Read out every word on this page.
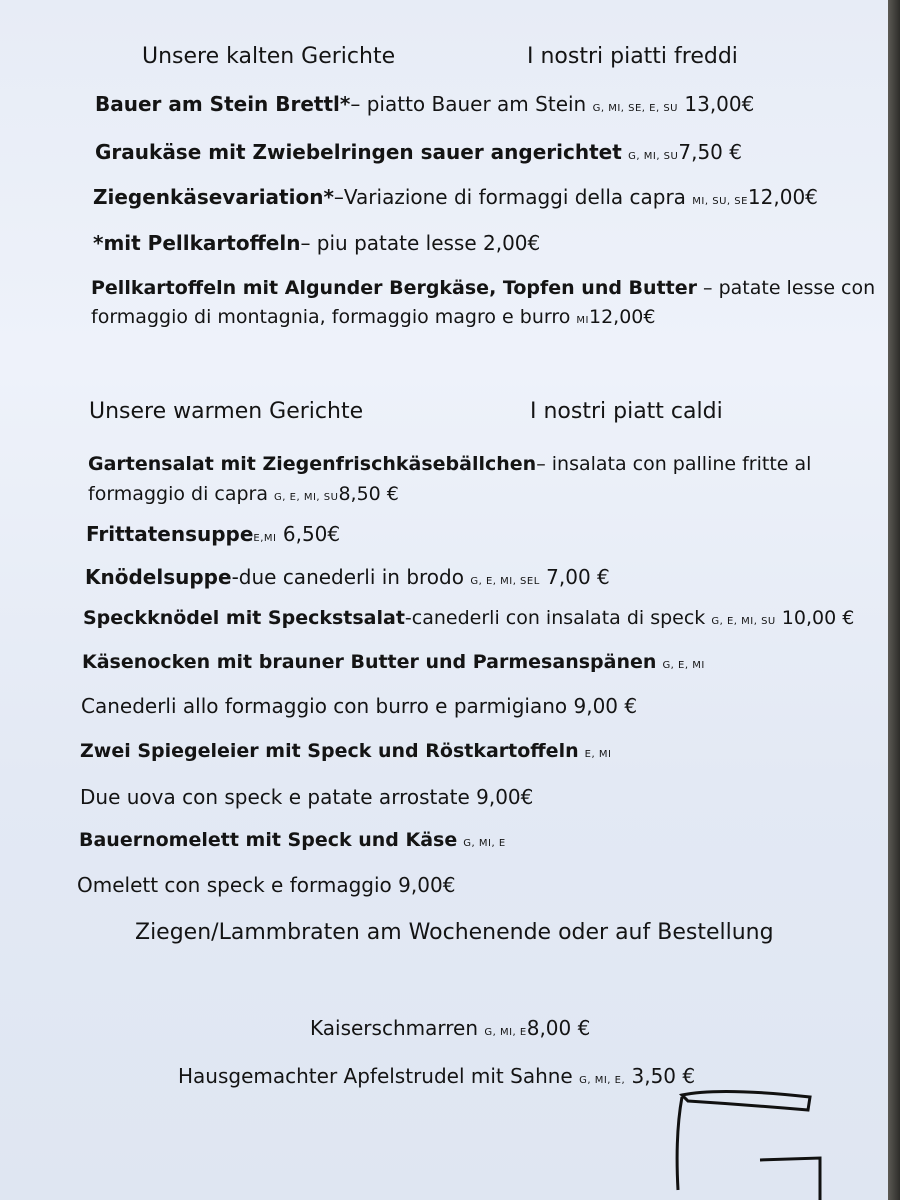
Unsere kalten Gerichte	I nostri piatti freddi
Bauer am Stein Brettl*– piatto Bauer am Stein G, MI, SE, E, SU 13,00€
Graukäse mit Zwiebelringen sauer angerichtet G, MI, SU7,50 €
Ziegenkäsevariation*–Variazione di formaggi della capra MI, SU, SE12,00€
*mit Pellkartoffeln– piu patate lesse 2,00€
Pellkartoffeln mit Algunder Bergkäse, Topfen und Butter – patate lesse con
formaggio di montagnia, formaggio magro e burro MI12,00€
Unsere warmen Gerichte	I nostri piatt caldi
Gartensalat mit Ziegenfrischkäsebällchen– insalata con palline fritte al
formaggio di capra G, E, MI, SU8,50 €
FrittatensuppeE,MI 6,50€
Knödelsuppe-due canederli in brodo G, E, MI, SEL 7,00 €
Speckknödel mit Speckstsalat-canederli con insalata di speck G, E, MI, SU 10,00 €
Käsenocken mit brauner Butter und Parmesanspänen G, E, MI
Canederli allo formaggio con burro e parmigiano 9,00 €
Zwei Spiegeleier mit Speck und Röstkartoffeln E, MI
Due uova con speck e patate arrostate 9,00€
Bauernomelett mit Speck und Käse G, MI, E
Omelett con speck e formaggio 9,00€
Ziegen/Lammbraten am Wochenende oder auf Bestellung
Kaiserschmarren G, MI, E8,00 €
Hausgemachter Apfelstrudel mit Sahne G, MI, E, 3,50 €
